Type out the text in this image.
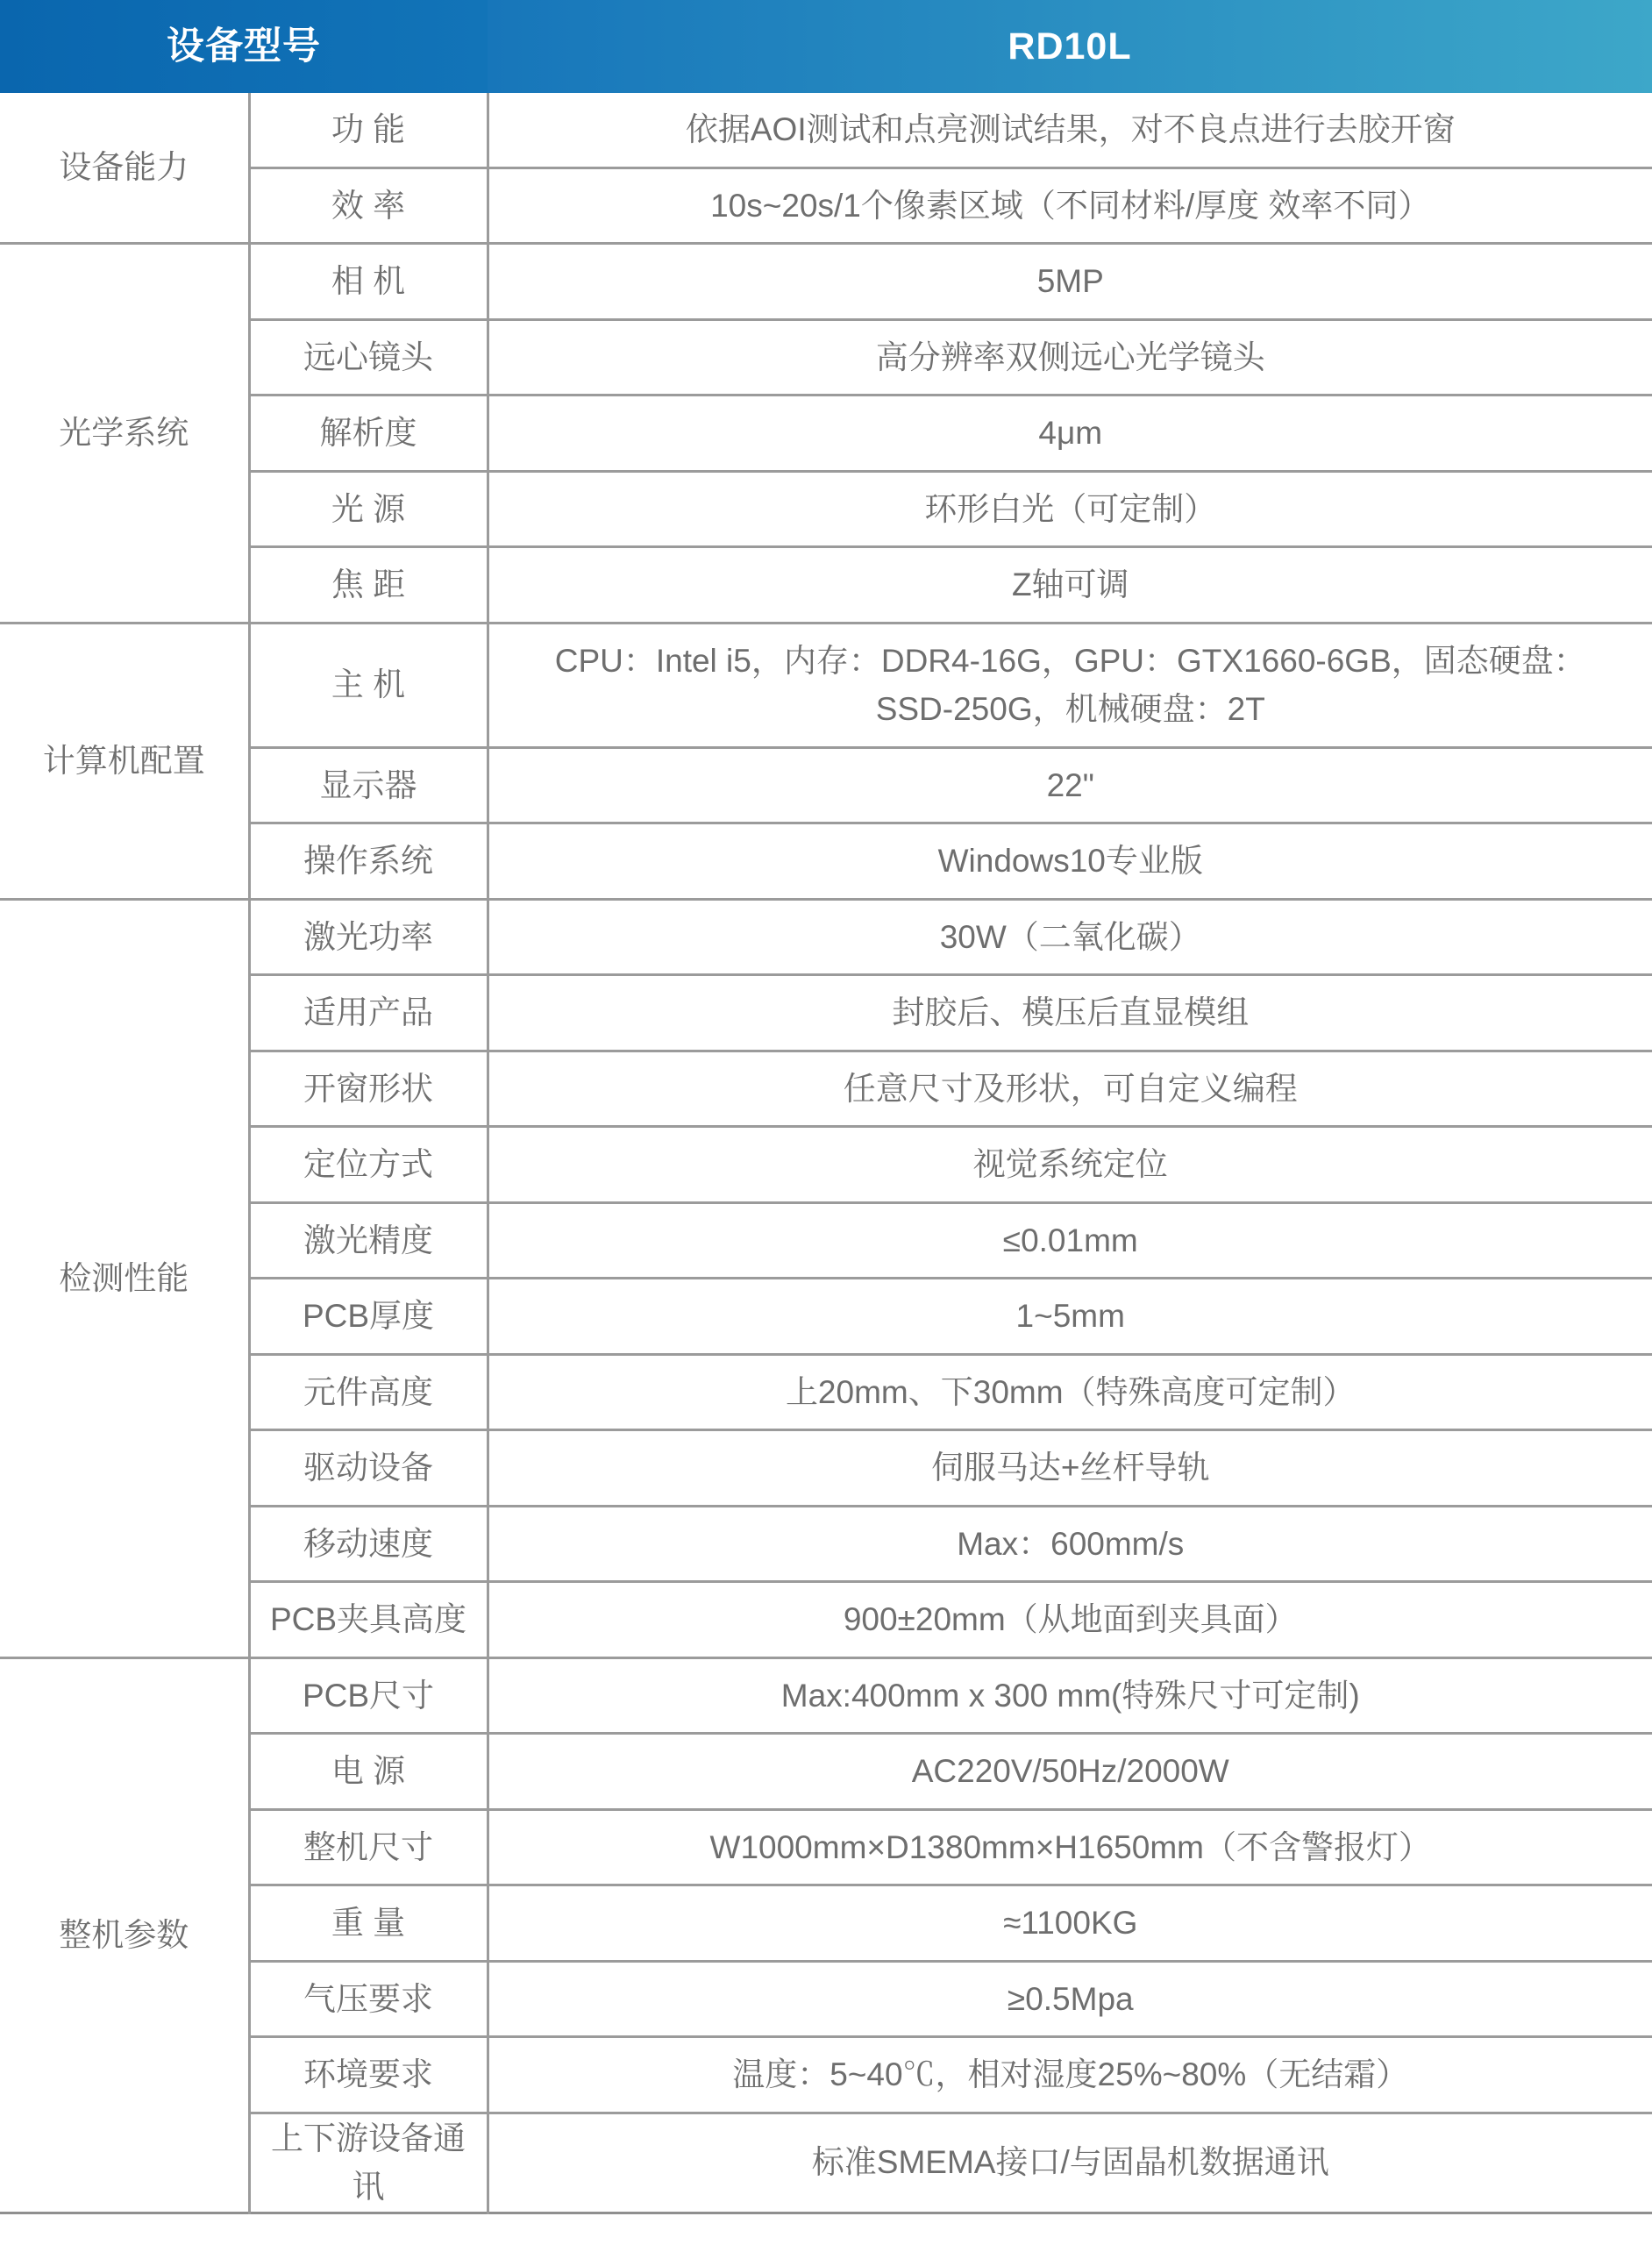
设备型号		RD10L
设备能力	功 能	依据AOI测试和点亮测试结果，对不良点进行去胶开窗
	效 率	10s~20s/1个像素区域（不同材料/厚度 效率不同）
光学系统	相 机	5MP
	远心镜头	高分辨率双侧远心光学镜头
	解析度	4μm
	光 源	环形白光（可定制）
	焦 距	Z轴可调
计算机配置	主 机	CPU：Intel i5，内存：DDR4-16G，GPU：GTX1660-6GB，固态硬盘：SSD-250G，机械硬盘：2T
	显示器	22"
	操作系统	Windows10专业版
检测性能	激光功率	30W（二氧化碳）
	适用产品	封胶后、模压后直显模组
	开窗形状	任意尺寸及形状，可自定义编程
	定位方式	视觉系统定位
	激光精度	≤0.01mm
	PCB厚度	1~5mm
	元件高度	上20mm、下30mm（特殊高度可定制）
	驱动设备	伺服马达+丝杆导轨
	移动速度	Max：600mm/s
	PCB夹具高度	900±20mm（从地面到夹具面）
整机参数	PCB尺寸	Max:400mm x 300 mm(特殊尺寸可定制)
	电 源	AC220V/50Hz/2000W
	整机尺寸	W1000mm×D1380mm×H1650mm（不含警报灯）
	重 量	≈1100KG
	气压要求	≥0.5Mpa
	环境要求	温度：5~40℃，相对湿度25%~80%（无结霜）
	上下游设备通讯	标准SMEMA接口/与固晶机数据通讯
